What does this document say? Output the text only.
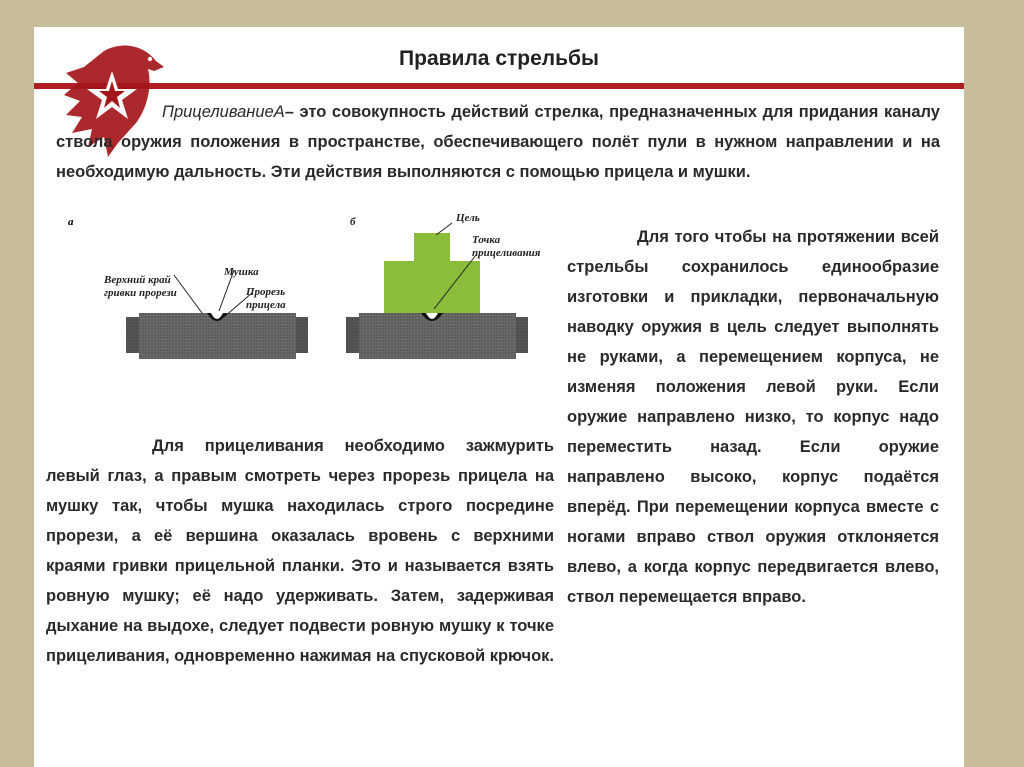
Правила стрельбы
ПрицеливаниеА– это совокупность действий стрелка, предназначенных для придания каналу ствола оружия положения в пространстве, обеспечивающего полёт пули в нужном направлении и на необходимую дальность. Эти действия выполняются с помощью прицела и мушки.
а
Верхний край
гривки прорези
Мушка
Прорезь
прицела
б	Цель
Точка
прицеливания
Для прицеливания необходимо зажмурить левый глаз, а правым смотреть через прорезь прицела на мушку так, чтобы мушка находилась строго посредине прорези, а её вершина оказалась вровень с верхними краями гривки прицельной планки. Это и называется взять ровную мушку; её надо удерживать. Затем, задерживая дыхание на выдохе, следует подвести ровную мушку к точке прицеливания, одновременно нажимая на спусковой крючок.
Для того чтобы на протяжении всей стрельбы сохранилось единообразие изготовки и прикладки, первоначальную наводку оружия в цель следует выполнять не руками, а перемещением корпуса, не изменяя положения левой руки. Если оружие направлено низко, то корпус надо переместить назад. Если оружие направлено высоко, корпус подаётся вперёд. При перемещении корпуса вместе с ногами вправо ствол оружия отклоняется влево, а когда корпус передвигается влево, ствол перемещается вправо.
